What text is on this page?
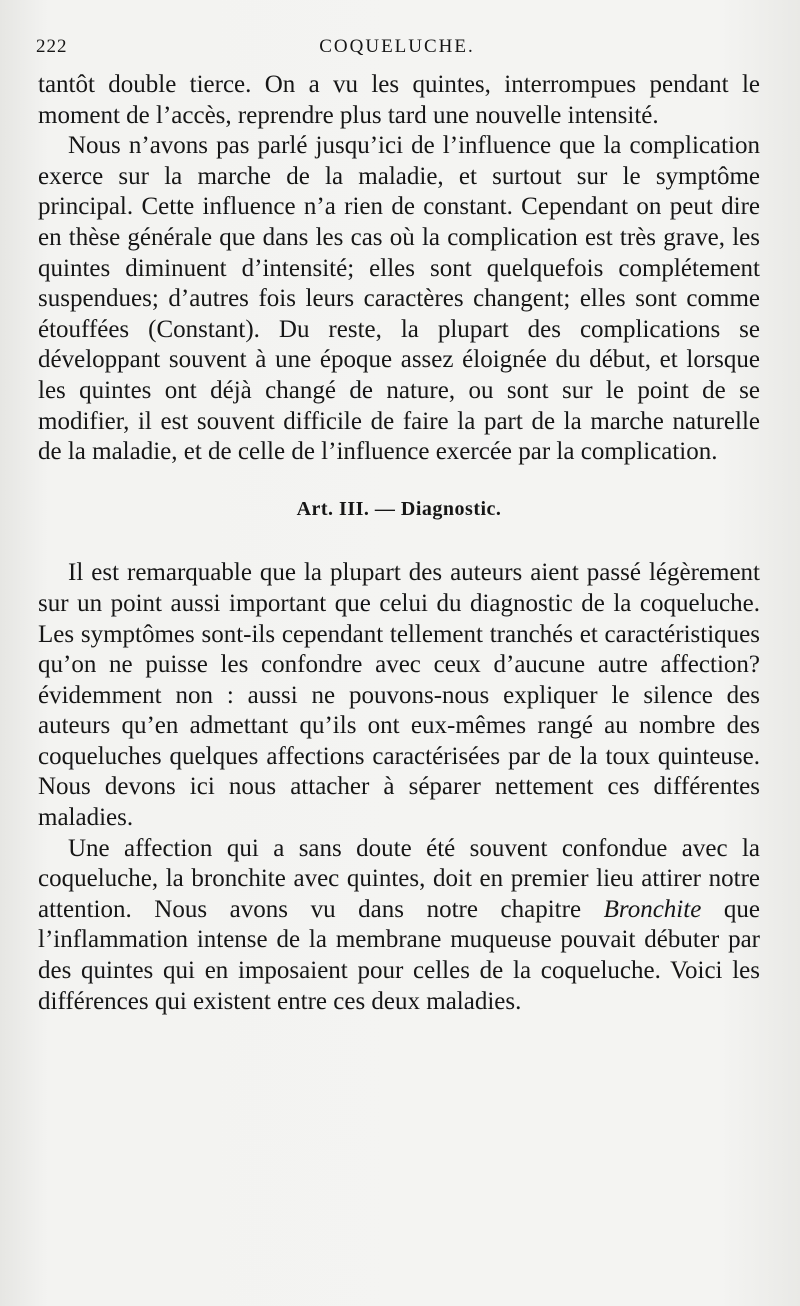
222	COQUELUCHE.

tantôt double tierce. On a vu les quintes, interrompues pendant le moment de l’accès, reprendre plus tard une nouvelle intensité.

Nous n’avons pas parlé jusqu’ici de l’influence que la complication exerce sur la marche de la maladie, et surtout sur le symptôme principal. Cette influence n’a rien de constant. Cependant on peut dire en thèse générale que dans les cas où la complication est très grave, les quintes diminuent d’intensité; elles sont quelquefois complétement suspendues; d’autres fois leurs caractères changent; elles sont comme étouffées (Constant). Du reste, la plupart des complications se développant souvent à une époque assez éloignée du début, et lorsque les quintes ont déjà changé de nature, ou sont sur le point de se modifier, il est souvent difficile de faire la part de la marche naturelle de la maladie, et de celle de l’influence exercée par la complication.

Art. III. — Diagnostic.

Il est remarquable que la plupart des auteurs aient passé légèrement sur un point aussi important que celui du diagnostic de la coqueluche. Les symptômes sont-ils cependant tellement tranchés et caractéristiques qu’on ne puisse les confondre avec ceux d’aucune autre affection? évidemment non : aussi ne pouvons-nous expliquer le silence des auteurs qu’en admettant qu’ils ont eux-mêmes rangé au nombre des coqueluches quelques affections caractérisées par de la toux quinteuse. Nous devons ici nous attacher à séparer nettement ces différentes maladies.

Une affection qui a sans doute été souvent confondue avec la coqueluche, la bronchite avec quintes, doit en premier lieu attirer notre attention. Nous avons vu dans notre chapitre Bronchite que l’inflammation intense de la membrane muqueuse pouvait débuter par des quintes qui en imposaient pour celles de la coqueluche. Voici les différences qui existent entre ces deux maladies.
